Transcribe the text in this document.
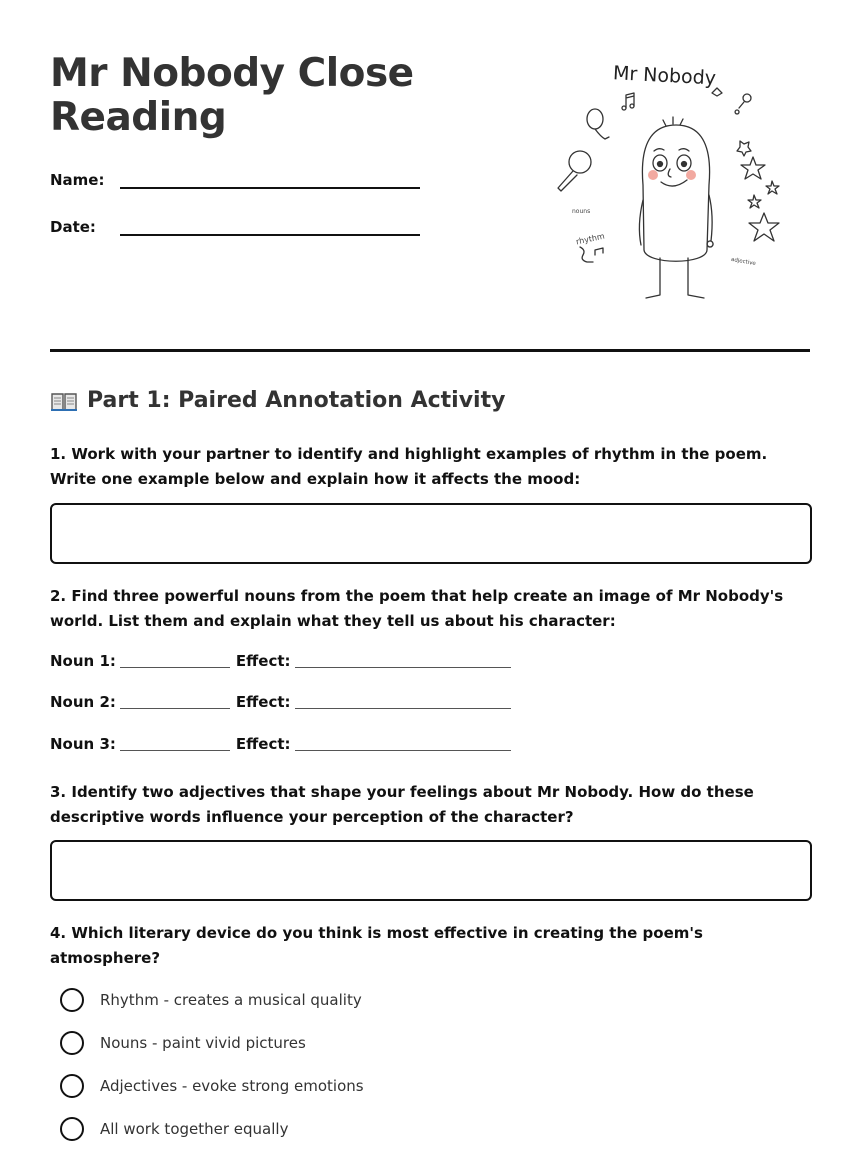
Mr Nobody Close Reading
Name:
Date:
Mr Nobody
nouns
rhythm
adjective
Part 1: Paired Annotation Activity

1. Work with your partner to identify and highlight examples of rhythm in the poem. Write one example below and explain how it affects the mood:

2. Find three powerful nouns from the poem that help create an image of Mr Nobody's world. List them and explain what they tell us about his character:

Noun 1:	Effect:
Noun 2:	Effect:
Noun 3:	Effect:

3. Identify two adjectives that shape your feelings about Mr Nobody. How do these descriptive words influence your perception of the character?

4. Which literary device do you think is most effective in creating the poem's atmosphere?

Rhythm - creates a musical quality
Nouns - paint vivid pictures
Adjectives - evoke strong emotions
All work together equally
